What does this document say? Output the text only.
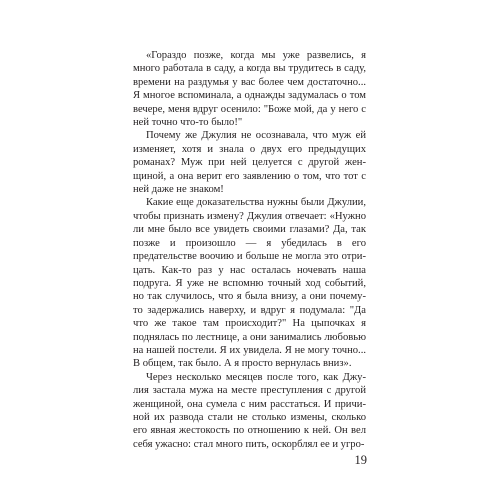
«Гораздо позже, когда мы уже развелись, я много работала в саду, а когда вы трудитесь в саду, времени на раздумья у вас более чем достаточно... Я многое вспоминала, а однажды задумалась о том вечере, меня вдруг осенило: "Боже мой, да у него с ней точно что-то было!"

Почему же Джулия не осознавала, что муж ей изменяет, хотя и знала о двух его предыдущих романах? Муж при ней целуется с другой женщиной, а она верит его заявлению о том, что тот с ней даже не знаком!

Какие еще доказательства нужны были Джулии, чтобы признать измену? Джулия отвечает: «Нужно ли мне было все увидеть своими глазами? Да, так позже и произошло — я убедилась в его предательстве воочию и больше не могла это отрицать. Как-то раз у нас осталась ночевать наша подруга. Я уже не вспомню точный ход событий, но так случилось, что я была внизу, а они почему-то задержались наверху, и вдруг я подумала: "Да что же такое там происходит?" На цыпочках я поднялась по лестнице, а они занимались любовью на нашей постели. Я их увидела. Я не могу точно... В общем, так было. А я просто вернулась вниз».

Через несколько месяцев после того, как Джулия застала мужа на месте преступления с другой женщиной, она сумела с ним расстаться. И причиной их развода стали не столько измены, сколько его явная жестокость по отношению к ней. Он вел себя ужасно: стал много пить, оскорблял ее и угро-

19
